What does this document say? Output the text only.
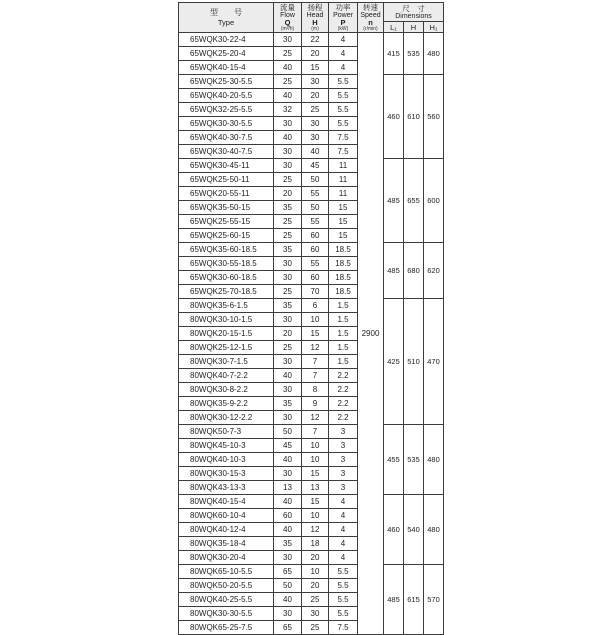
型　　号
Type

流量
Flow
Q
(m³/h)

扬程
Head
H
(m)

功率
Power
P
(kW)

转速
Speed
n
(r/min)

尺　寸
Dimensions

					L₁	H	H₁
65WQK30-22-4	30	22	4	2900	415	535	480
65WQK25-20-4	25	20	4				
65WQK40-15-4	40	15	4				
65WQK25-30-5.5	25	30	5.5		460	610	560
65WQK40-20-5.5	40	20	5.5				
65WQK32-25-5.5	32	25	5.5				
65WQK30-30-5.5	30	30	5.5				
65WQK40-30-7.5	40	30	7.5				
65WQK30-40-7.5	30	40	7.5				
65WQK30-45-11	30	45	11		485	655	600
65WQK25-50-11	25	50	11				
65WQK20-55-11	20	55	11				
65WQK35-50-15	35	50	15				
65WQK25-55-15	25	55	15				
65WQK25-60-15	25	60	15				
65WQK35-60-18.5	35	60	18.5		485	680	620
65WQK30-55-18.5	30	55	18.5				
65WQK30-60-18.5	30	60	18.5				
65WQK25-70-18.5	25	70	18.5				
80WQK35-6-1.5	35	6	1.5		425	510	470
80WQK30-10-1.5	30	10	1.5				
80WQK20-15-1.5	20	15	1.5				
80WQK25-12-1.5	25	12	1.5				
80WQK30-7-1.5	30	7	1.5				
80WQK40-7-2.2	40	7	2.2				
80WQK30-8-2.2	30	8	2.2				
80WQK35-9-2.2	35	9	2.2				
80WQK30-12-2.2	30	12	2.2				
80WQK50-7-3	50	7	3		455	535	480
80WQK45-10-3	45	10	3				
80WQK40-10-3	40	10	3				
80WQK30-15-3	30	15	3				
80WQK43-13-3	13	13	3				
80WQK40-15-4	40	15	4		460	540	480
80WQK60-10-4	60	10	4				
80WQK40-12-4	40	12	4				
80WQK35-18-4	35	18	4				
80WQK30-20-4	30	20	4				
80WQK65-10-5.5	65	10	5.5		485	615	570
80WQK50-20-5.5	50	20	5.5				
80WQK40-25-5.5	40	25	5.5				
80WQK30-30-5.5	30	30	5.5				
80WQK65-25-7.5	65	25	7.5				
